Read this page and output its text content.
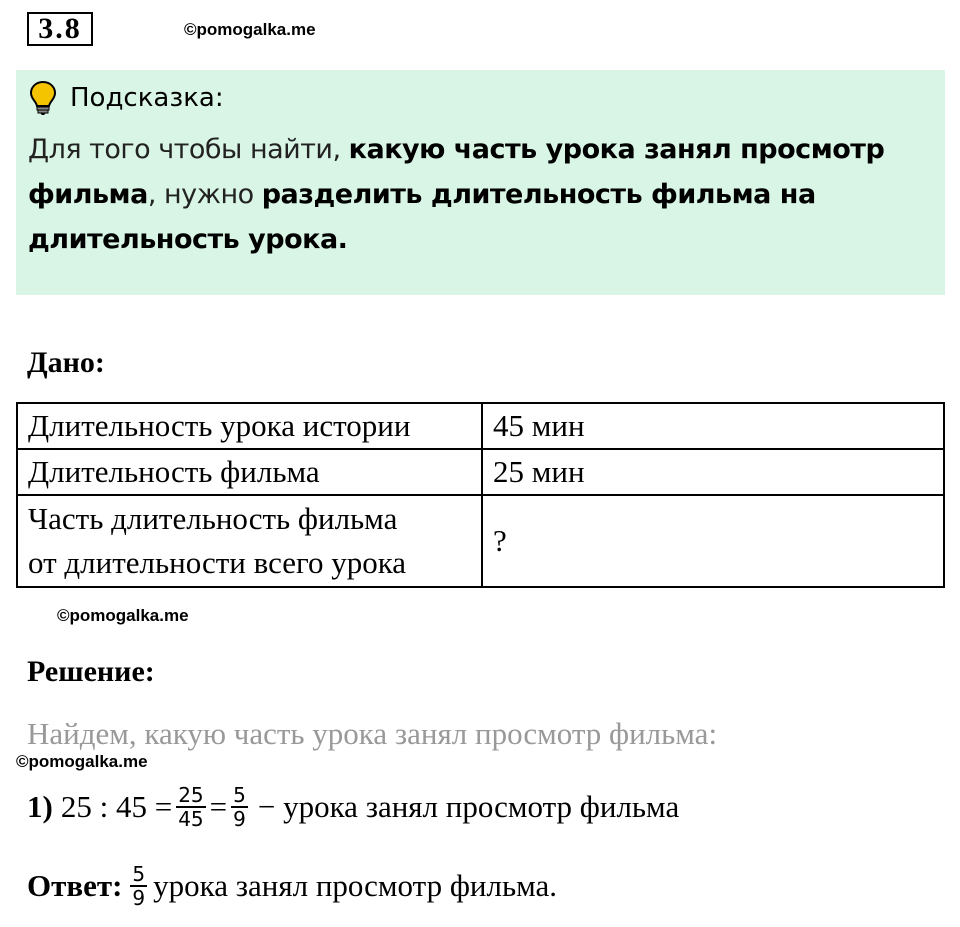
3.8	©pomogalka.me
Подсказка:
Для того чтобы найти, какую часть урока занял просмотр фильма, нужно разделить длительность фильма на длительность урока.
Дано:
Длительность урока истории	45 мин
Длительность фильма	25 мин

Часть длительность фильма
от длительности всего урока	?
©pomogalka.me
Решение:
Найдем, какую часть урока занял просмотр фильма:
©pomogalka.me
1) 25 : $45 = \frac{25}{45} = \frac{5}{9}$ − урока занял просмотр фильма
Ответ: $\frac{5}{9}$ урока занял просмотр фильма.
